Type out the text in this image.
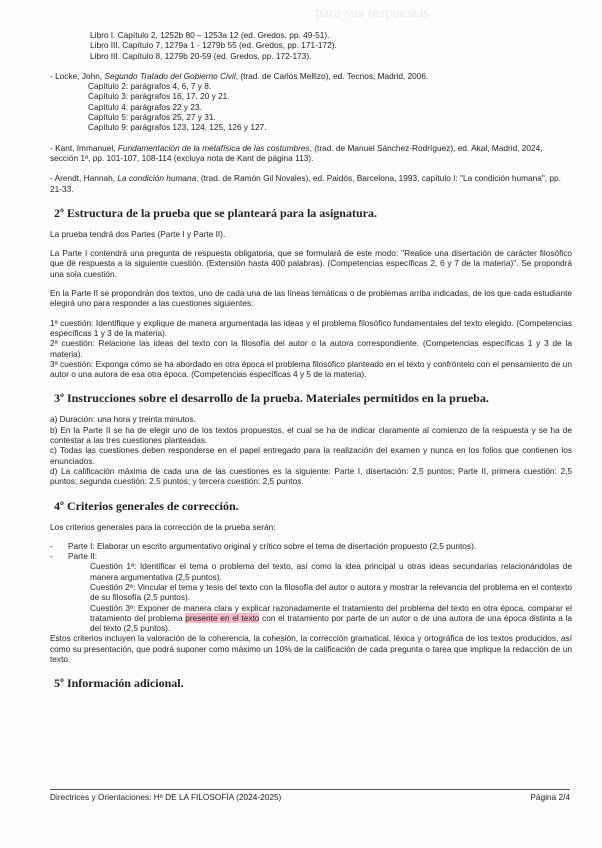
para sus respuestas

Libro I. Capítulo 2, 1252b 80 – 1253a 12 (ed. Gredos, pp. 49-51).

Libro III. Capítulo 7, 1279a 1 - 1279b 55 (ed. Gredos, pp. 171-172).

Libro III. Capítulo 8, 1279b 20-59 (ed. Gredos, pp. 172-173).

- Locke, John, Segundo Tratado del Gobierno Civil, (trad. de Carlos Mellizo), ed. Tecnos, Madrid, 2006.

Capítulo 2: parágrafos 4, 6, 7 y 8.

Capítulo 3: parágrafos 16, 17, 20 y 21.

Capítulo 4: parágrafos 22 y 23.

Capítulo 5: parágrafos 25, 27 y 31.

Capítulo 9: parágrafos 123, 124, 125, 126 y 127.

- Kant, Immanuel, Fundamentación de la metafísica de las costumbres, (trad. de Manuel Sánchez-Rodríguez), ed. Akal, Madrid, 2024, sección 1ª, pp. 101-107, 108-114 (excluya nota de Kant de página 113).

- Arendt, Hannah, La condición humana. (trad. de Ramón Gil Novales), ed. Paidós, Barcelona, 1993, capítulo I: "La condición humana", pp. 21-33.

2º Estructura de la prueba que se planteará para la asignatura.

La prueba tendrá dos Partes (Parte I y Parte II).

La Parte I contendrá una pregunta de respuesta obligatoria, que se formulará de este modo: "Realice una disertación de carácter filosófico que dé respuesta a la siguiente cuestión. (Extensión hasta 400 palabras). (Competencias específicas 2, 6 y 7 de la materia)". Se propondrá una sola cuestión.

En la Parte II se propondrán dos textos, uno de cada una de las líneas temáticas o de problemas arriba indicadas, de los que cada estudiante elegirá uno para responder a las cuestiones siguientes:

1ª cuestión: Identifique y explique de manera argumentada las ideas y el problema filosófico fundamentales del texto elegido. (Competencias específicas 1 y 3 de la materia).

2ª cuestión: Relacione las ideas del texto con la filosofía del autor o la autora correspondiente. (Competencias específicas 1 y 3 de la materia).

3ª cuestión: Exponga cómo se ha abordado en otra época el problema filosófico planteado en el texto y confróntelo con el pensamiento de un autor o una autora de esa otra época. (Competencias específicas 4 y 5 de la materia).

3º Instrucciones sobre el desarrollo de la prueba. Materiales permitidos en la prueba.

a) Duración: una hora y treinta minutos.

b) En la Parte II se ha de elegir uno de los textos propuestos, el cual se ha de indicar claramente al comienzo de la respuesta y se ha de contestar a las tres cuestiones planteadas.

c) Todas las cuestiones deben responderse en el papel entregado para la realización del examen y nunca en los folios que contienen los enunciados.

d) La calificación máxima de cada una de las cuestiones es la siguiente: Parte I, disertación: 2,5 puntos; Parte II, primera cuestión: 2,5 puntos; segunda cuestión: 2,5 puntos; y tercera cuestión: 2,5 puntos.

4º Criterios generales de corrección.

Los criterios generales para la corrección de la prueba serán:

- Parte I: Elaborar un escrito argumentativo original y crítico sobre el tema de disertación propuesto (2,5 puntos).

- Parte II:

Cuestión 1ª: Identificar el tema o problema del texto, así como la idea principal u otras ideas secundarias relacionándolas de manera argumentativa (2,5 puntos).

Cuestión 2ª: Vincular el tema y tesis del texto con la filosofía del autor o autora y mostrar la relevancia del problema en el contexto de su filosofía (2,5 puntos).

Cuestión 3ª: Exponer de manera clara y explicar razonadamente el tratamiento del problema del texto en otra época, comparar el tratamiento del problema presente en el texto con el tratamiento por parte de un autor o de una autora de una época distinta a la del texto (2,5 puntos).

Estos criterios incluyen la valoración de la coherencia, la cohesión, la corrección gramatical, léxica y ortográfica de los textos producidos, así como su presentación, que podrá suponer como máximo un 10% de la calificación de cada pregunta o tarea que implique la redacción de un texto.

5º Información adicional.
Directrices y Orientaciones: Hª DE LA FILOSOFÍA (2024-2025)	Página 2/4
